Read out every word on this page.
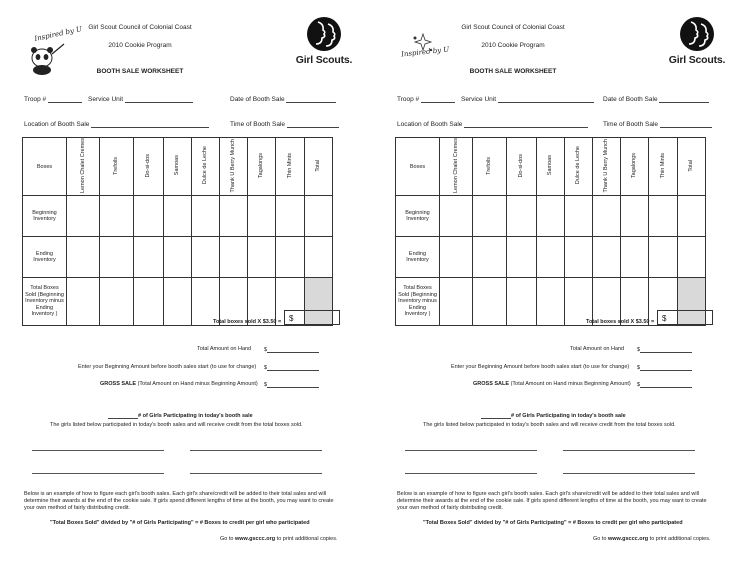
Girl Scout Council of Colonial Coast
2010 Cookie Program
BOOTH SALE WORKSHEET
Inspired by U
Girl Scouts.
Troop #	Service Unit	Date of Booth Sale
Location of Booth Sale	Time of Booth Sale
Boxes	Lemon Chalet Cremes	Trefoils	Do-si-dos	Samoas	Dulce de Leche	Thank U Berry Munch	Tagalongs	Thin Mints	Total
Beginning Inventory									
Ending Inventory									
Total Boxes Sold (Beginning Inventory minus Ending Inventory )									
Total boxes sold X $3.50 = $
Total Amount on Hand $
Enter your Beginning Amount before booth sales start (to use for change) $
GROSS SALE (Total Amount on Hand minus Beginning Amount) $
# of Girls Participating in today's booth sale
The girls listed below participated in today's booth sales and will receive credit from the total boxes sold.
Below is an example of how to figure each girl's booth sales. Each girl's share/credit will be added to their total sales and will
determine their awards at the end of the cookie sale. If girls spend different lengths of time at the booth, you may want to create
your own method of fairly distributing credit.
"Total Boxes Sold" divided by "# of Girls Participating" = # Boxes to credit per girl who participated
Go to www.gsccc.org to print additional copies.
Girl Scout Council of Colonial Coast
2010 Cookie Program
BOOTH SALE WORKSHEET
Inspired by U
Girl Scouts.
Troop #	Service Unit	Date of Booth Sale
Location of Booth Sale	Time of Booth Sale
Boxes	Lemon Chalet Cremes	Trefoils	Do-si-dos	Samoas	Dulce de Leche	Thank U Berry Munch	Tagalongs	Thin Mints	Total
Beginning Inventory									
Ending Inventory									
Total Boxes Sold (Beginning Inventory minus Ending Inventory )									
Total boxes sold X $3.50 = $
Total Amount on Hand $
Enter your Beginning Amount before booth sales start (to use for change) $
GROSS SALE (Total Amount on Hand minus Beginning Amount) $
# of Girls Participating in today's booth sale
The girls listed below participated in today's booth sales and will receive credit from the total boxes sold.
Below is an example of how to figure each girl's booth sales. Each girl's share/credit will be added to their total sales and will
determine their awards at the end of the cookie sale. If girls spend different lengths of time at the booth, you may want to create
your own method of fairly distributing credit.
"Total Boxes Sold" divided by "# of Girls Participating" = # Boxes to credit per girl who participated
Go to www.gsccc.org to print additional copies.
